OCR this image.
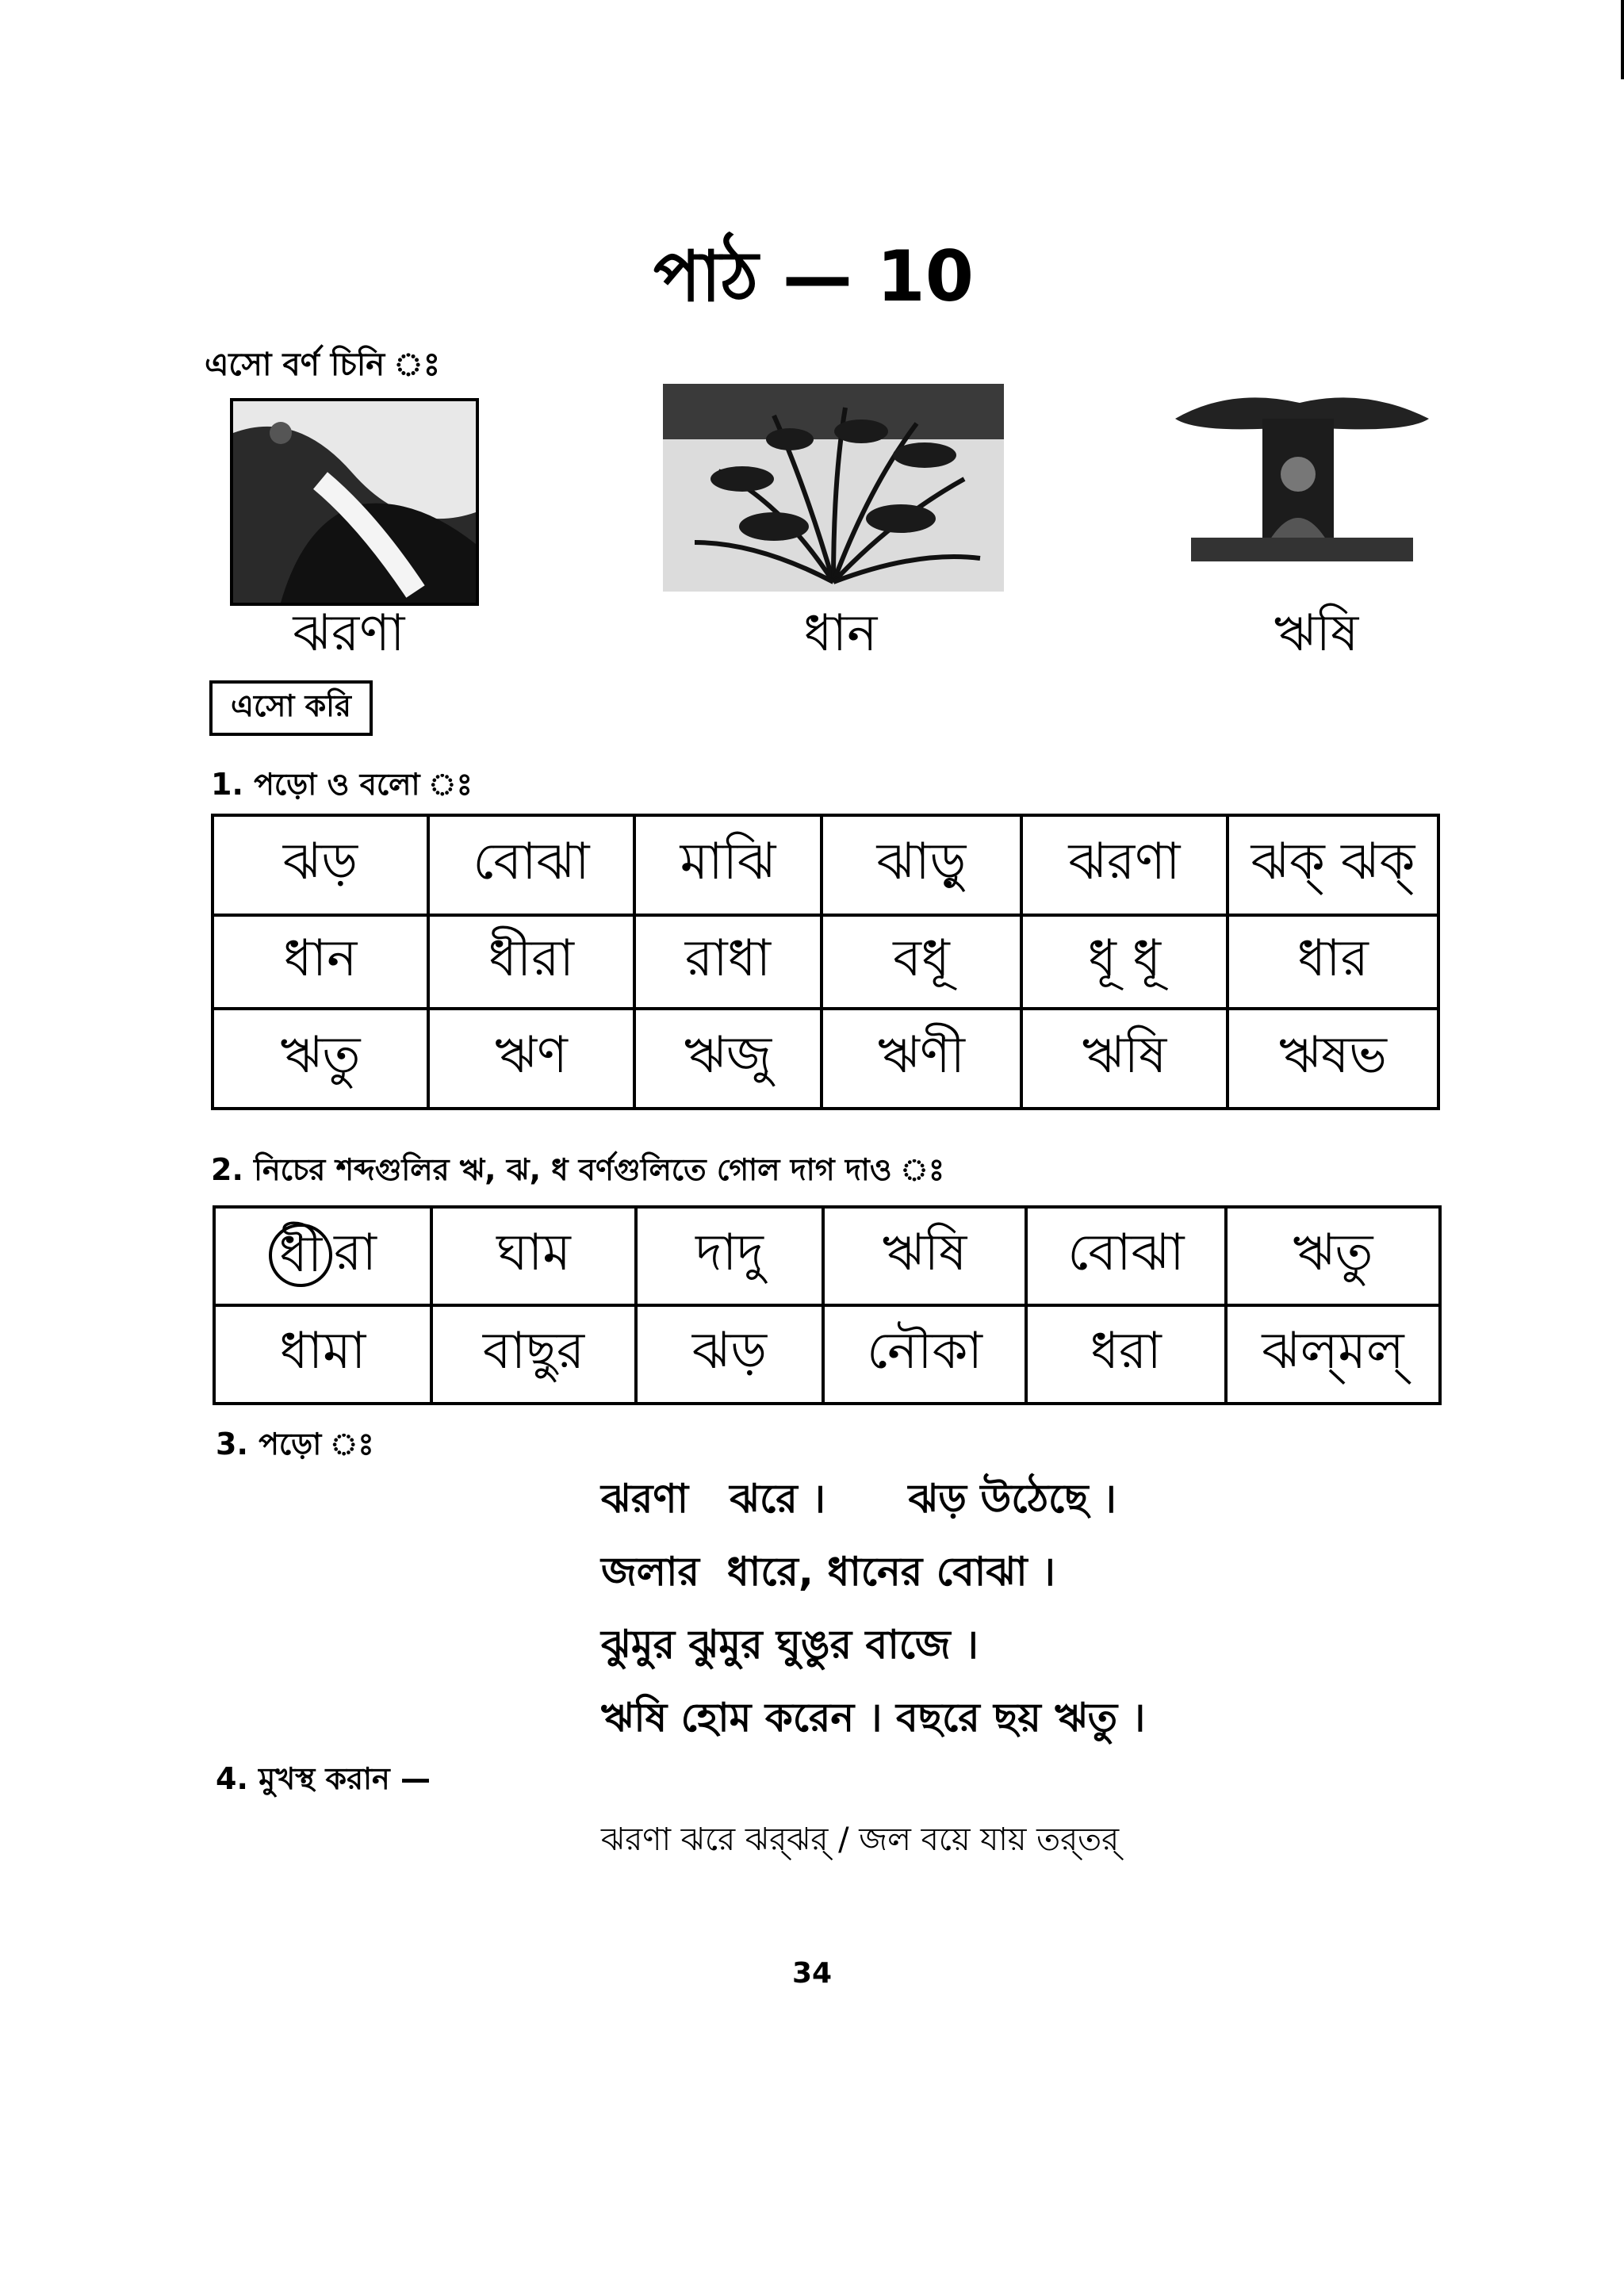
পাঠ — 10
এসো বর্ণ চিনি ঃ
ঝরণা	ধান	ঋষি
এসো করি
1. পড়ো ও বলো ঃ
ঝড়	বোঝা	মাঝি	ঝাড়ু	ঝরণা	ঝক্ ঝক্
ধান	ধীরা	রাধা	বধূ	ধূ ধূ	ধার
ঋতু	ঋণ	ঋজু	ঋণী	ঋষি	ঋষভ
2. নিচের শব্দগুলির ঋ, ঝ, ধ বর্ণগুলিতে গোল দাগ দাও ঃ
ধী রা	ঘাম	দাদু	ঋষি	বোঝা	ঋতু
ধামা	বাছুর	ঝড়	নৌকা	ধরা	ঝল্‌মল্‌
3. পড়ো ঃ
ঝরণা   ঝরে ।      ঝড় উঠেছে ।
জলার  ধারে, ধানের বোঝা ।
ঝুমুর ঝুমুর ঘুঙুর বাজে ।
ঋষি হোম করেন । বছরে ছয় ঋতু ।
4. মুখস্থ করান —
ঝরণা ঝরে ঝর্‌ঝর্‌ / জল বয়ে যায় তর্‌তর্‌
34
